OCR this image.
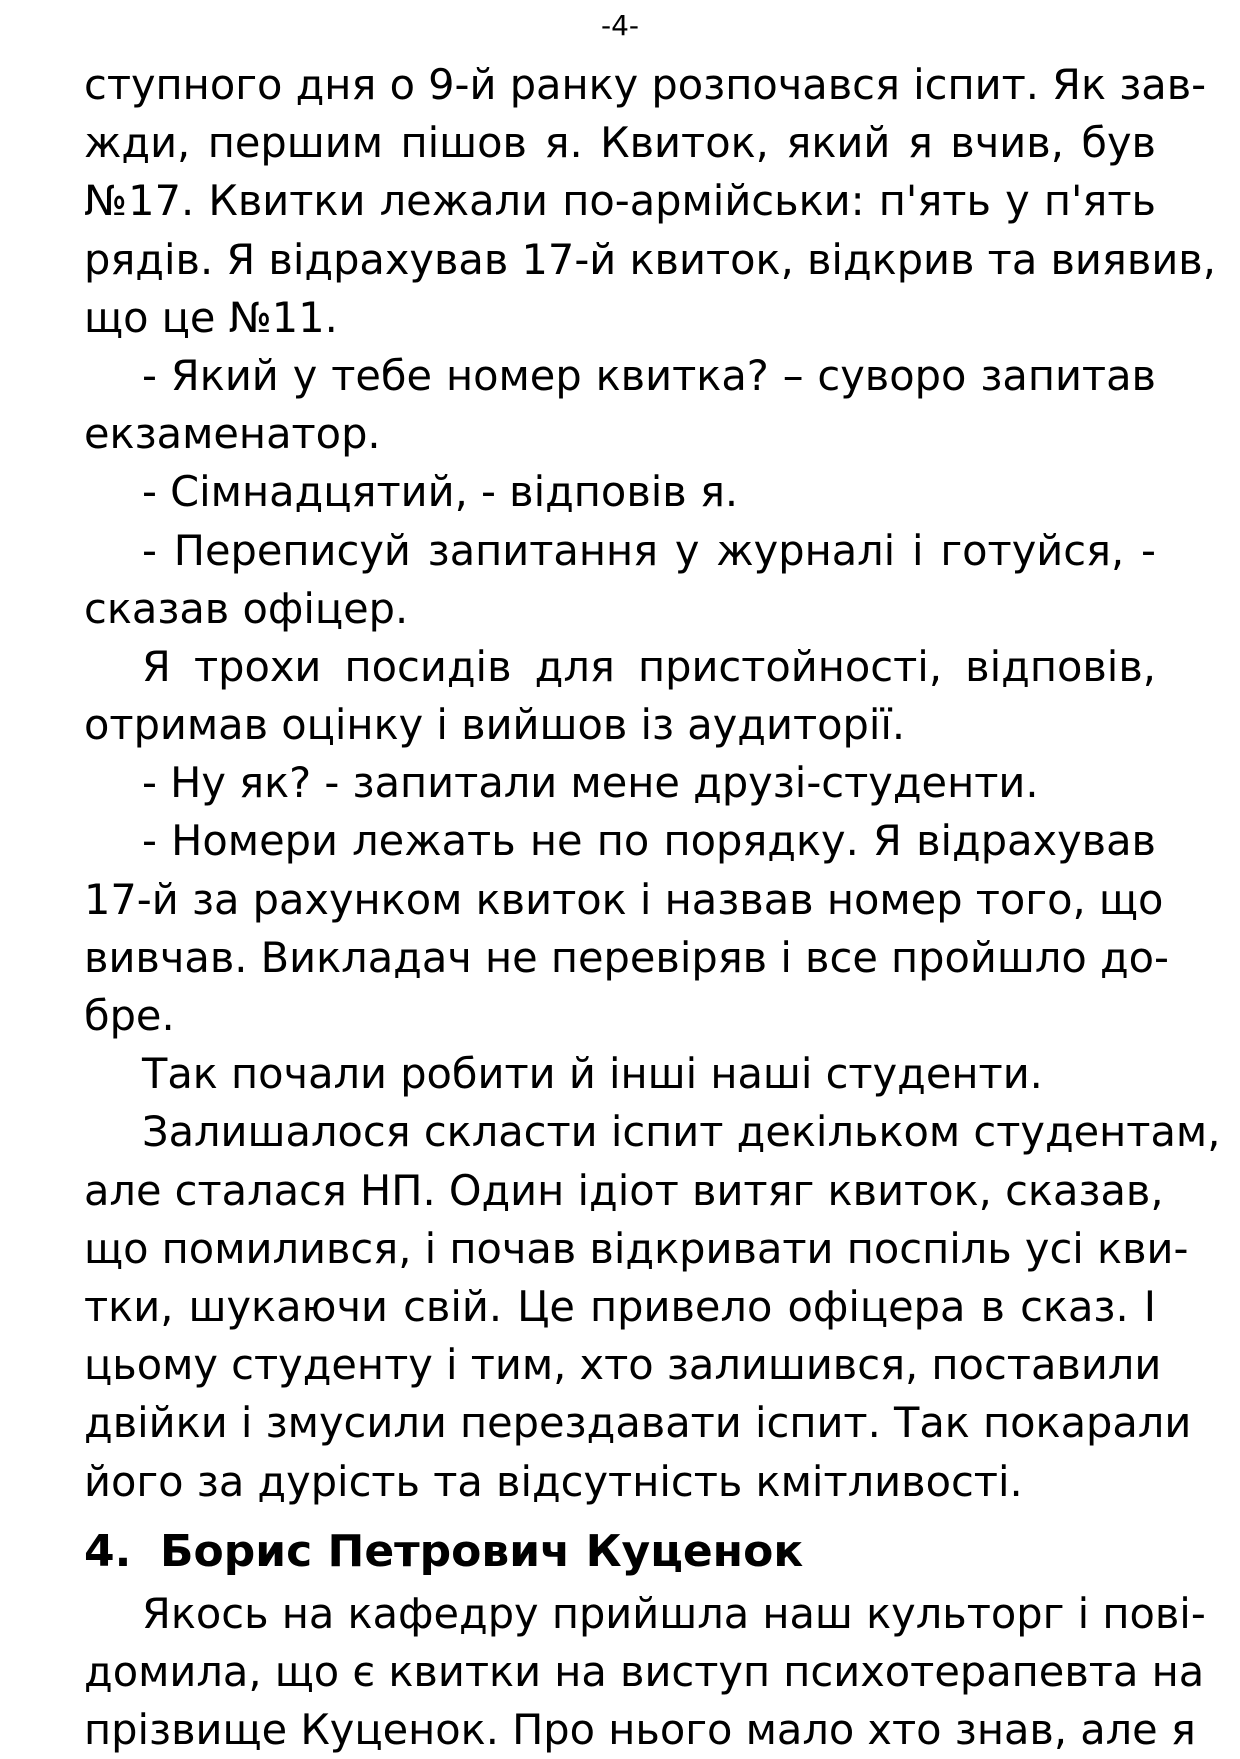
-4-
ступного дня о 9-й ранку розпочався іспит. Як зав-
жди, першим пішов я. Квиток, який я вчив, був
№17. Квитки лежали по-армійськи: п'ять у п'ять
рядів. Я відрахував 17-й квиток, відкрив та виявив,
що це №11.
- Який у тебе номер квитка? – суворо запитав
екзаменатор.
- Сімнадцятий, - відповів я.
- Переписуй запитання у журналі і готуйся, -
сказав офіцер.
Я трохи посидів для пристойності, відповів,
отримав оцінку і вийшов із аудиторії.
- Ну як? - запитали мене друзі-студенти.
- Номери лежать не по порядку. Я відрахував
17-й за рахунком квиток і назвав номер того, що
вивчав. Викладач не перевіряв і все пройшло до-
бре.
Так почали робити й інші наші студенти.
Залишалося скласти іспит декільком студентам,
але сталася НП. Один ідіот витяг квиток, сказав,
що помилився, і почав відкривати поспіль усі кви-
тки, шукаючи свій. Це привело офіцера в сказ. І
цьому студенту і тим, хто залишився, поставили
двійки і змусили перездавати іспит. Так покарали
його за дурість та відсутність кмітливості.
4. Борис Петрович Куценок
Якось на кафедру прийшла наш культорг і пові-
домила, що є квитки на виступ психотерапевта на
прізвище Куценок. Про нього мало хто знав, але я
